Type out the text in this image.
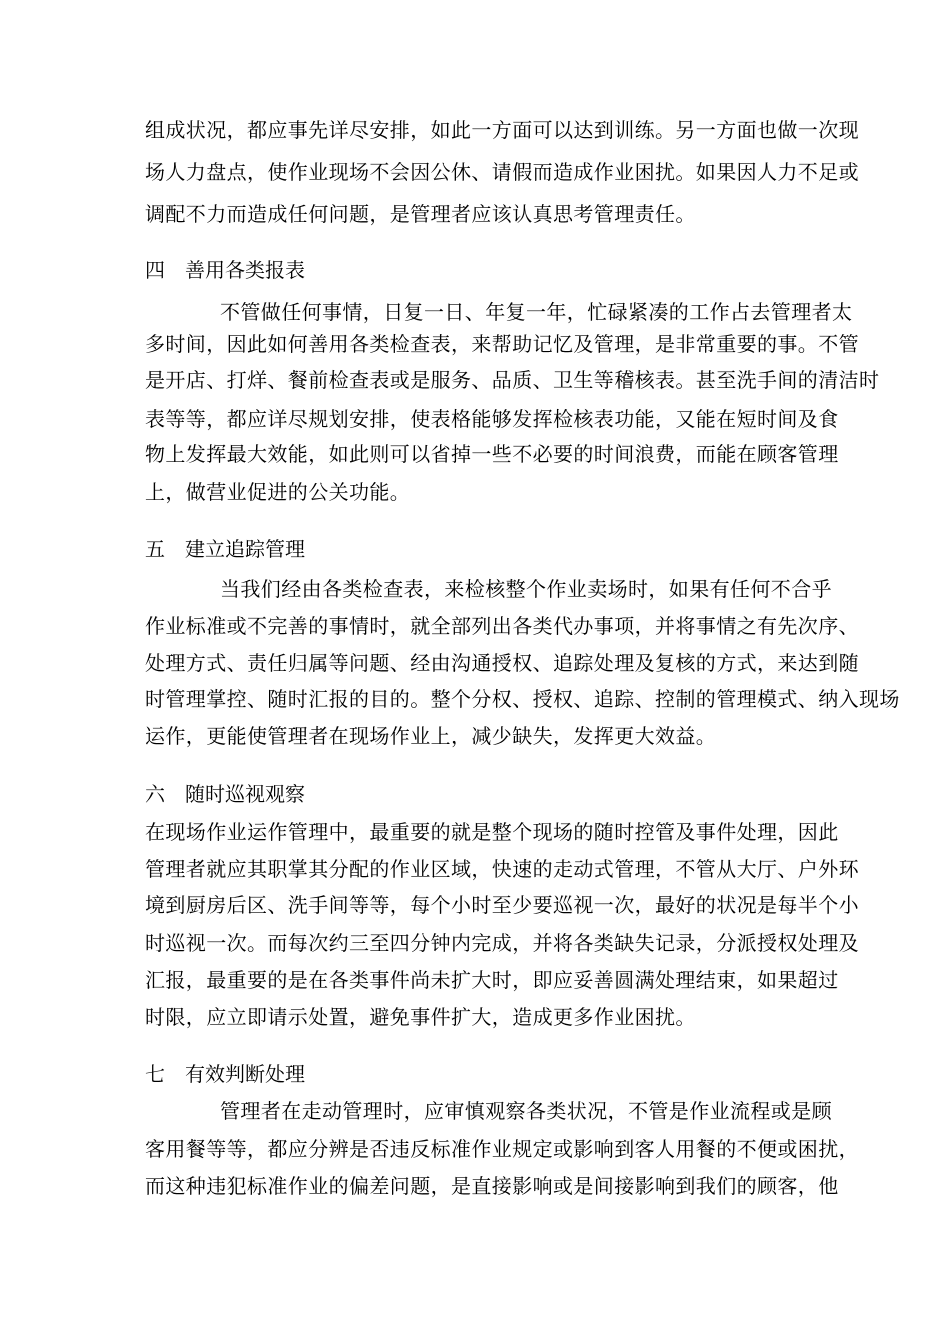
组成状况，都应事先详尽安排，如此一方面可以达到训练。另一方面也做一次现
场人力盘点，使作业现场不会因公休、请假而造成作业困扰。如果因人力不足或
调配不力而造成任何问题，是管理者应该认真思考管理责任。
四 善用各类报表
不管做任何事情，日复一日、年复一年，忙碌紧凑的工作占去管理者太
多时间，因此如何善用各类检查表，来帮助记忆及管理，是非常重要的事。不管
是开店、打烊、餐前检查表或是服务、品质、卫生等稽核表。甚至洗手间的清洁时
表等等，都应详尽规划安排，使表格能够发挥检核表功能，又能在短时间及食
物上发挥最大效能，如此则可以省掉一些不必要的时间浪费，而能在顾客管理
上，做营业促进的公关功能。
五 建立追踪管理
当我们经由各类检查表，来检核整个作业卖场时，如果有任何不合乎
作业标准或不完善的事情时，就全部列出各类代办事项，并将事情之有先次序、
处理方式、责任归属等问题、经由沟通授权、追踪处理及复核的方式，来达到随
时管理掌控、随时汇报的目的。整个分权、授权、追踪、控制的管理模式、纳入现场
运作，更能使管理者在现场作业上，减少缺失，发挥更大效益。
六 随时巡视观察
在现场作业运作管理中，最重要的就是整个现场的随时控管及事件处理，因此
管理者就应其职掌其分配的作业区域，快速的走动式管理，不管从大厅、户外环
境到厨房后区、洗手间等等，每个小时至少要巡视一次，最好的状况是每半个小
时巡视一次。而每次约三至四分钟内完成，并将各类缺失记录，分派授权处理及
汇报，最重要的是在各类事件尚未扩大时，即应妥善圆满处理结束，如果超过
时限，应立即请示处置，避免事件扩大，造成更多作业困扰。
七 有效判断处理
管理者在走动管理时，应审慎观察各类状况，不管是作业流程或是顾
客用餐等等，都应分辨是否违反标准作业规定或影响到客人用餐的不便或困扰，
而这种违犯标准作业的偏差问题，是直接影响或是间接影响到我们的顾客，他
